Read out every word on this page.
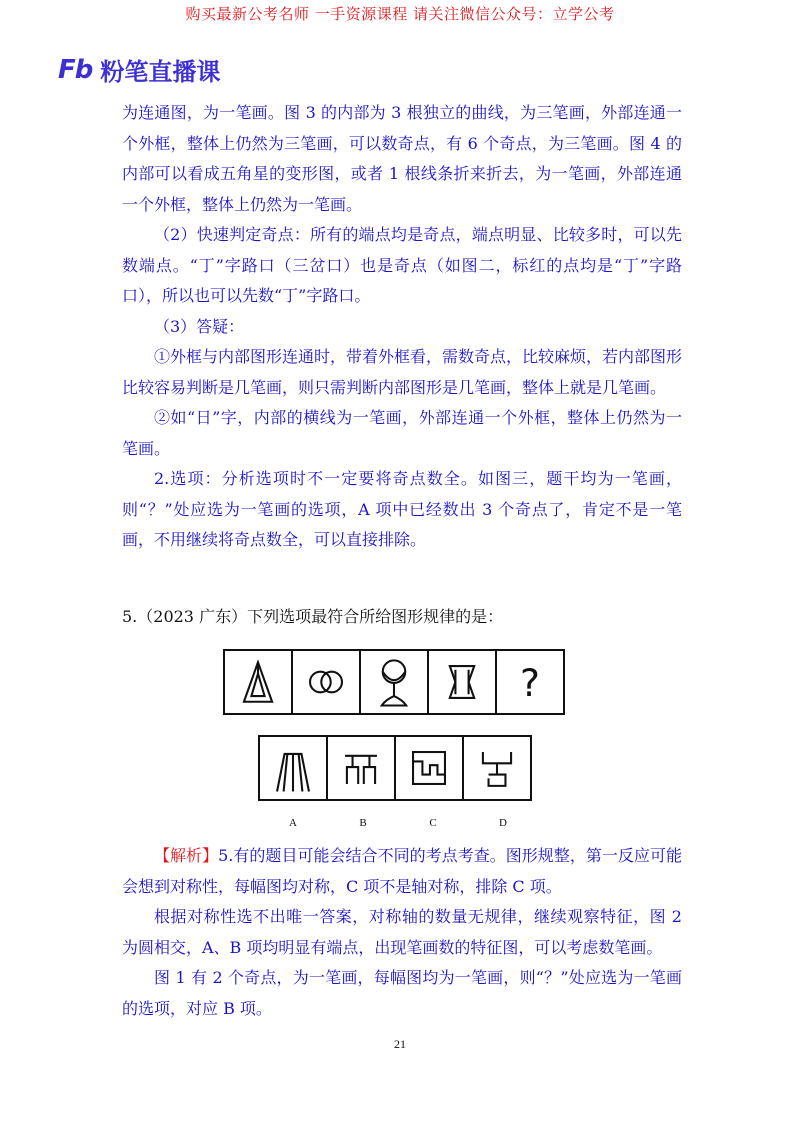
购买最新公考名师 一手资源课程 请关注微信公众号：立学公考
Fb 粉笔直播课

为连通图，为一笔画。图 3 的内部为 3 根独立的曲线，为三笔画，外部连通一个外框，整体上仍然为三笔画，可以数奇点，有 6 个奇点，为三笔画。图 4 的内部可以看成五角星的变形图，或者 1 根线条折来折去，为一笔画，外部连通一个外框，整体上仍然为一笔画。

（2）快速判定奇点：所有的端点均是奇点，端点明显、比较多时，可以先数端点。“丁”字路口（三岔口）也是奇点（如图二，标红的点均是“丁”字路口），所以也可以先数“丁”字路口。

（3）答疑：

①外框与内部图形连通时，带着外框看，需数奇点，比较麻烦，若内部图形比较容易判断是几笔画，则只需判断内部图形是几笔画，整体上就是几笔画。

②如“日”字，内部的横线为一笔画，外部连通一个外框，整体上仍然为一笔画。

2.选项：分析选项时不一定要将奇点数全。如图三，题干均为一笔画，则“？”处应选为一笔画的选项，A 项中已经数出 3 个奇点了，肯定不是一笔画，不用继续将奇点数全，可以直接排除。

5.（2023 广东）下列选项最符合所给图形规律的是：
?
A	B	C	D

【解析】5.有的题目可能会结合不同的考点考查。图形规整，第一反应可能会想到对称性，每幅图均对称，C 项不是轴对称，排除 C 项。

根据对称性选不出唯一答案，对称轴的数量无规律，继续观察特征，图 2 为圆相交，A、B 项均明显有端点，出现笔画数的特征图，可以考虑数笔画。

图 1 有 2 个奇点，为一笔画，每幅图均为一笔画，则“？”处应选为一笔画的选项，对应 B 项。

21
